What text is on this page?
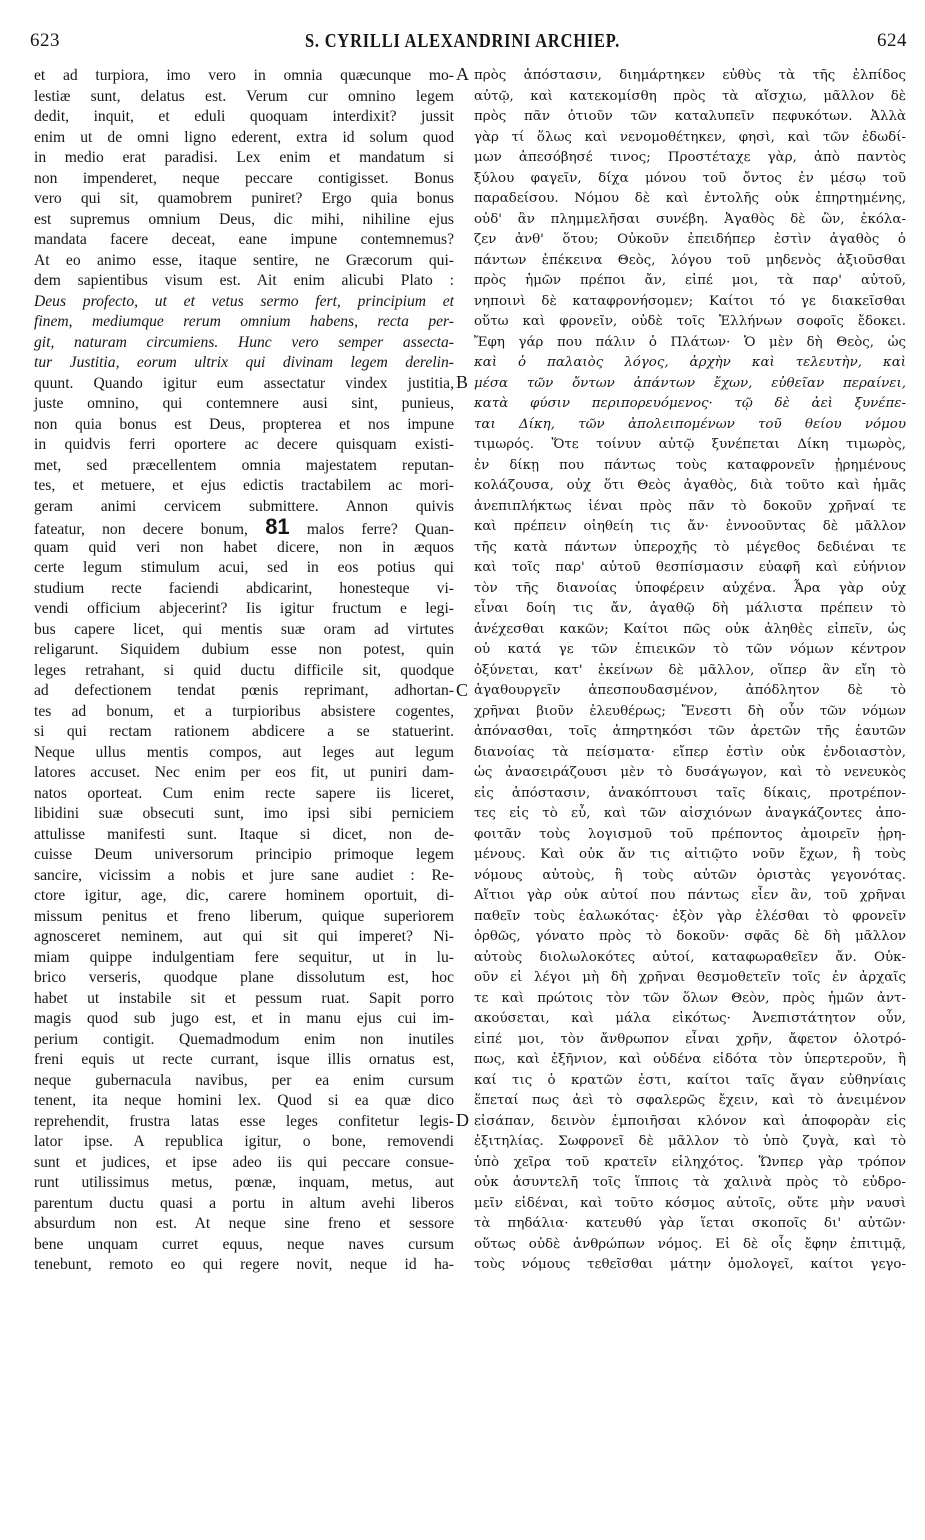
623	S. CYRILLI ALEXANDRINI ARCHIEP.	624
et ad turpiora, imo vero in omnia quæcunque mo-
lestiæ sunt, delatus est. Verum cur omnino legem
dedit, inquit, et eduli quoquam interdixit? jussit
enim ut de omni ligno ederent, extra id solum quod
in medio erat paradisi. Lex enim et mandatum si
non impenderet, neque peccare contigisset. Bonus
vero qui sit, quamobrem puniret? Ergo quia bonus
est supremus omnium Deus, dic mihi, nihiline ejus
mandata facere deceat, eane impune contemnemus?
At eo animo esse, itaque sentire, ne Græcorum qui-
dem sapientibus visum est. Ait enim alicubi Plato :
Deus profecto, ut et vetus sermo fert, principium et
finem, mediumque rerum omnium habens, recta per-
git, naturam circumiens. Hunc vero semper assecta-
tur Justitia, eorum ultrix qui divinam legem derelin-
quunt. Quando igitur eum assectatur vindex justitia,
juste omnino, qui contemnere ausi sint, punieus,
non quia bonus est Deus, propterea et nos impune
in quidvis ferri oportere ac decere quisquam existi-
met, sed præcellentem omnia majestatem reputan-
tes, et metuere, et ejus edictis tractabilem ac mori-
geram animi cervicem submittere. Annon quivis
fateatur, non decere bonum, 81 malos ferre? Quan-
quam quid veri non habet dicere, non in æquos
certe legum stimulum acui, sed in eos potius qui
studium recte faciendi abdicarint, honesteque vi-
vendi officium abjecerint? Iis igitur fructum e legi-
bus capere licet, qui mentis suæ oram ad virtutes
religarunt. Siquidem dubium esse non potest, quin
leges retrahant, si quid ductu difficile sit, quodque
ad defectionem tendat pœnis reprimant, adhortan-
tes ad bonum, et a turpioribus absistere cogentes,
si qui rectam rationem abdicere a se statuerint.
Neque ullus mentis compos, aut leges aut legum
latores accuset. Nec enim per eos fit, ut puniri dam-
natos oporteat. Cum enim recte sapere iis liceret,
libidini suæ obsecuti sunt, imo ipsi sibi perniciem
attulisse manifesti sunt. Itaque si dicet, non de-
cuisse Deum universorum principio primoque legem
sancire, vicissim a nobis et jure sane audiet : Re-
ctore igitur, age, dic, carere hominem oportuit, di-
missum penitus et freno liberum, quique superiorem
agnosceret neminem, aut qui sit qui imperet? Ni-
miam quippe indulgentiam fere sequitur, ut in lu-
brico verseris, quodque plane dissolutum est, hoc
habet ut instabile sit et pessum ruat. Sapit porro
magis quod sub jugo est, et in manu ejus cui im-
perium contigit. Quemadmodum enim non inutiles
freni equis ut recte currant, isque illis ornatus est,
neque gubernacula navibus, per ea enim cursum
tenent, ita neque homini lex. Quod si ea quæ dico
reprehendit, frustra latas esse leges confitetur legis-
lator ipse. A republica igitur, o bone, removendi
sunt et judices, et ipse adeo iis qui peccare consue-
runt utilissimus metus, pœnæ, inquam, metus, aut
parentum ductu quasi a portu in altum avehi liberos
absurdum non est. At neque sine freno et sessore
bene unquam curret equus, neque naves cursum
tenebunt, remoto eo qui regere novit, neque id ha-
πρὸς ἀπόστασιν, διημάρτηκεν εὐθὺς τὰ τῆς ἐλπίδος
αὐτῷ, καὶ κατεκομίσθη πρὸς τὰ αἴσχιω, μᾶλλον δὲ
πρὸς πᾶν ὁτιοῦν τῶν καταλυπεῖν πεφυκότων. Ἀλλὰ
γὰρ τί ὅλως καὶ νενομοθέτηκεν, φησὶ, καὶ τῶν ἐδωδί-
μων ἀπεσόβησέ τινος; Προστέταχε γὰρ, ἀπὸ παντὸς
ξύλου φαγεῖν, δίχα μόνου τοῦ ὄντος ἐν μέσῳ τοῦ
παραδείσου. Νόμου δὲ καὶ ἐντολῆς οὐκ ἐπηρτημένης,
οὐδ' ἂν πλημμελῆσαι συνέβη. Ἀγαθὸς δὲ ὢν, ἐκόλα-
ζεν ἀνθ' ὅτου; Οὐκοῦν ἐπειδήπερ ἐστὶν ἀγαθὸς ὁ
πάντων ἐπέκεινα Θεὸς, λόγου τοῦ μηδενὸς ἀξιοῦσθαι
πρὸς ἡμῶν πρέποι ἄν, εἰπέ μοι, τὰ παρ' αὐτοῦ,
νηποινὶ δὲ καταφρονήσομεν; Καίτοι τό γε διακεῖσθαι
οὕτω καὶ φρονεῖν, οὐδὲ τοῖς Ἑλλήνων σοφοῖς ἔδοκει.
Ἔφη γάρ που πάλιν ὁ Πλάτων· Ὁ μὲν δὴ Θεὸς, ὡς
καὶ ὁ παλαιὸς λόγος, ἀρχὴν καὶ τελευτὴν, καὶ
μέσα τῶν ὄντων ἁπάντων ἔχων, εὐθεῖαν περαίνει,
κατὰ φύσιν περιπορευόμενος· τῷ δὲ ἀεὶ ξυνέπε-
ται Δίκη, τῶν ἀπολειπομένων τοῦ θείου νόμου
τιμωρός. Ὅτε τοίνυν αὐτῷ ξυνέπεται Δίκη τιμωρὸς,
ἐν δίκῃ που πάντως τοὺς καταφρονεῖν ᾑρημένους
κολάζουσα, οὐχ ὅτι Θεὸς ἀγαθὸς, διὰ τοῦτο καὶ ἡμᾶς
ἀνεπιπλήκτως ἰέναι πρὸς πᾶν τὸ δοκοῦν χρῆναί τε
καὶ πρέπειν οἰηθείη τις ἄν· ἐννοοῦντας δὲ μᾶλλον
τῆς κατὰ πάντων ὑπεροχῆς τὸ μέγεθος δεδιέναι τε
καὶ τοῖς παρ' αὐτοῦ θεσπίσμασιν εὐαφῆ καὶ εὐήνιον
τὸν τῆς διανοίας ὑποφέρειν αὐχένα. Ἆρα γὰρ οὐχ
εἶναι δοίη τις ἄν, ἀγαθῷ δὴ μάλιστα πρέπειν τὸ
ἀνέχεσθαι κακῶν; Καίτοι πῶς οὐκ ἀληθὲς εἰπεῖν, ὡς
οὐ κατά γε τῶν ἐπιεικῶν τὸ τῶν νόμων κέντρον
ὀξύνεται, κατ' ἐκείνων δὲ μᾶλλον, οἵπερ ἂν εἴη τὸ
ἀγαθουργεῖν ἀπεσπουδασμένον, ἀπόδλητον δὲ τὸ
χρῆναι βιοῦν ἐλευθέρως; Ἔνεστι δὴ οὖν τῶν νόμων
ἀπόνασθαι, τοῖς ἀπηρτηκόσι τῶν ἀρετῶν τῆς ἑαυτῶν
διανοίας τὰ πείσματα· εἴπερ ἐστὶν οὐκ ἐνδοιαστὸν,
ὡς ἀνασειράζουσι μὲν τὸ δυσάγωγον, καὶ τὸ νενευκὸς
εἰς ἀπόστασιν, ἀνακόπτουσι ταῖς δίκαις, προτρέπον-
τες εἰς τὸ εὖ, καὶ τῶν αἰσχιόνων ἀναγκάζοντες ἀπο-
φοιτᾶν τοὺς λογισμοῦ τοῦ πρέποντος ἀμοιρεῖν ᾑρη-
μένους. Καὶ οὐκ ἄν τις αἰτιῷτο νοῦν ἔχων, ἢ τοὺς
νόμους αὐτοὺς, ἢ τοὺς αὐτῶν ὁριστὰς γεγονότας.
Αἴτιοι γὰρ οὐκ αὐτοί που πάντως εἶεν ἂν, τοῦ χρῆναι
παθεῖν τοὺς ἑαλωκότας· ἐξὸν γὰρ ἑλέσθαι τὸ φρονεῖν
ὀρθῶς, γόνατο πρὸς τὸ δοκοῦν· σφᾶς δὲ δὴ μᾶλλον
αὐτοὺς διολωλοκότες αὐτοί, καταφωραθεῖεν ἄν. Οὐκ-
οῦν εἰ λέγοι μὴ δὴ χρῆναι θεσμοθετεῖν τοῖς ἐν ἀρχαῖς
τε καὶ πρώτοις τὸν τῶν ὅλων Θεὸν, πρὸς ἡμῶν ἀντ-
ακούσεται, καὶ μάλα εἰκότως· Ἀνεπιστάτητον οὖν,
εἰπέ μοι, τὸν ἄνθρωπον εἶναι χρῆν, ἄφετον ὁλοτρό-
πως, καὶ ἐξῆνιον, καὶ οὐδένα εἰδότα τὸν ὑπερτεροῦν, ἢ
καί τις ὁ κρατῶν ἐστι, καίτοι ταῖς ἄγαν εὐθηνίαις
ἕπεταί πως ἀεὶ τὸ σφαλερῶς ἔχειν, καὶ τὸ ἀνειμένον
εἰσάπαν, δεινὸν ἐμποιῆσαι κλόνον καὶ ἀποφορὰν εἰς
ἐξιτηλίας. Σωφρονεῖ δὲ μᾶλλον τὸ ὑπὸ ζυγὰ, καὶ τὸ
ὑπὸ χεῖρα τοῦ κρατεῖν εἰληχότος. Ὥνπερ γὰρ τρόπον
οὐκ ἀσυντελῆ τοῖς ἵπποις τὰ χαλινὰ πρὸς τὸ εὐδρο-
μεῖν εἰδέναι, καὶ τοῦτο κόσμος αὐτοῖς, οὔτε μὴν ναυσὶ
τὰ πηδάλια· κατευθύ γὰρ ἵεται σκοποῖς δι' αὐτῶν·
οὕτως οὐδὲ ἀνθρώπων νόμος. Εἰ δὲ οἷς ἔφην ἐπιτιμᾷ,
τοὺς νόμους τεθεῖσθαι μάτην ὁμολογεῖ, καίτοι γεγο-
A
B
C
D
